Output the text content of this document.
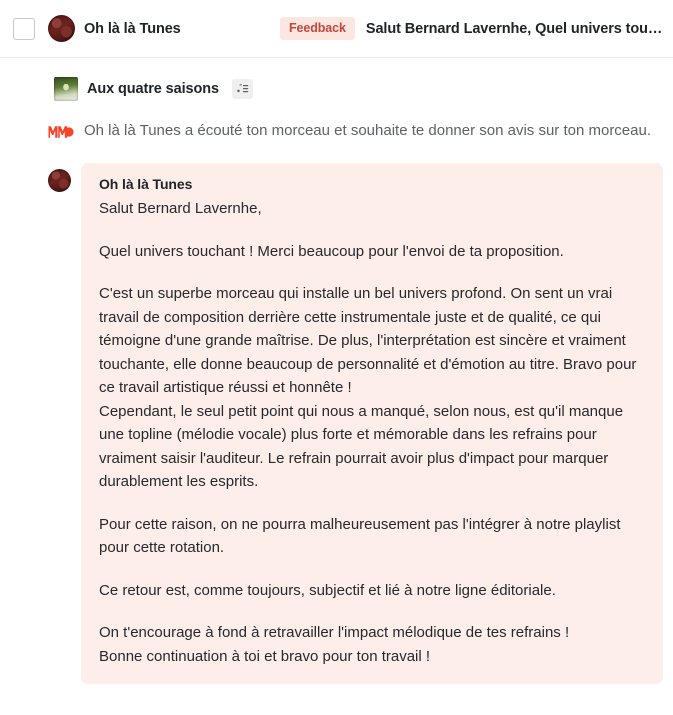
Oh là là Tunes	Feedback	Salut Bernard Lavernhe, Quel univers tou…
Aux quatre saisons
Oh là là Tunes a écouté ton morceau et souhaite te donner son avis sur ton morceau.
Oh là là Tunes

Salut Bernard Lavernhe,

Quel univers touchant ! Merci beaucoup pour l'envoi de ta proposition.

C'est un superbe morceau qui installe un bel univers profond. On sent un vrai travail de composition derrière cette instrumentale juste et de qualité, ce qui témoigne d'une grande maîtrise. De plus, l'interprétation est sincère et vraiment touchante, elle donne beaucoup de personnalité et d'émotion au titre. Bravo pour ce travail artistique réussi et honnête !

Cependant, le seul petit point qui nous a manqué, selon nous, est qu'il manque une topline (mélodie vocale) plus forte et mémorable dans les refrains pour vraiment saisir l'auditeur. Le refrain pourrait avoir plus d'impact pour marquer durablement les esprits.

Pour cette raison, on ne pourra malheureusement pas l'intégrer à notre playlist pour cette rotation.

Ce retour est, comme toujours, subjectif et lié à notre ligne éditoriale.

On t'encourage à fond à retravailler l'impact mélodique de tes refrains !

Bonne continuation à toi et bravo pour ton travail !
